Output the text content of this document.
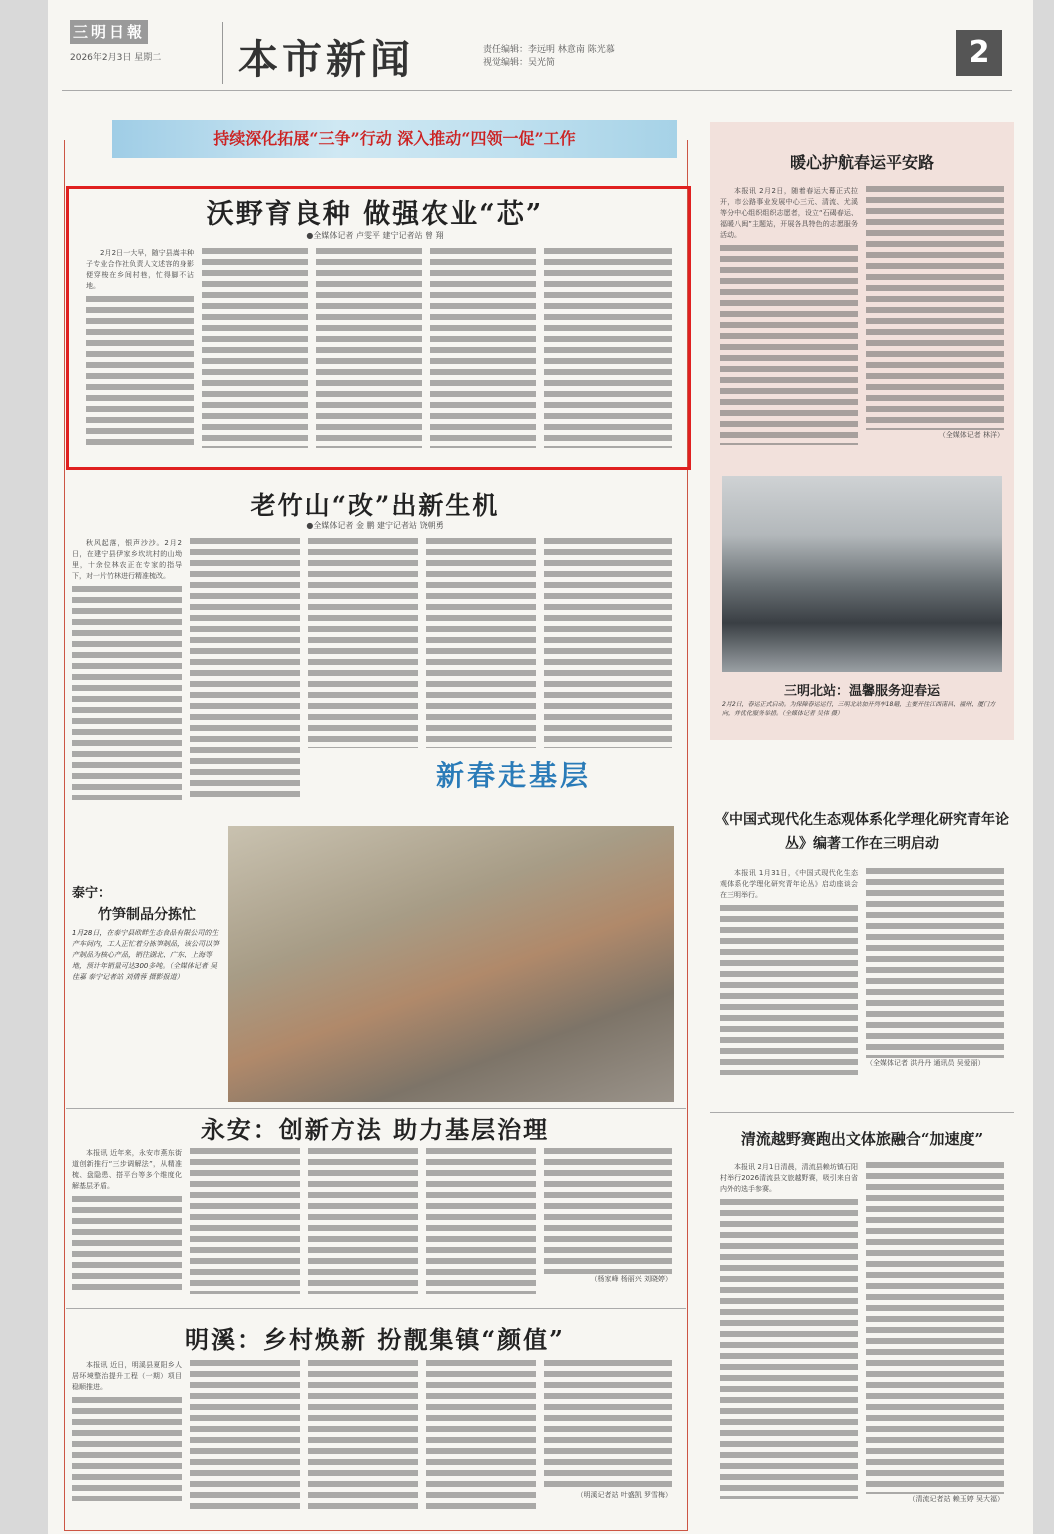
三明日報
2026年2月3日 星期二 本市新闻	责任编辑：李远明 林意南 陈光慕
视觉编辑：吴光简	2
持续深化拓展“三争”行动 深入推动“四领一促”工作
沃野育良种 做强农业“芯”
●全媒体记者 卢雯平 建宁记者站 曾 翔

2月2日一大早，随宁县嵩丰种子专业合作社负责人文述容的身影便穿梭在乡间村巷，忙得脚不沾地。

老竹山“改”出新生机
●全媒体记者 金 鹏 建宁记者站 饶朝勇

秋风起落，银声沙沙。2月2日，在建宁县伊家乡坎坑村的山坳里，十余位林农正在专家的指导下，对一片竹林进行精准梳改。

新春走基层
泰宁：
竹笋制品分拣忙
1月28日，在泰宁县欧畔生态食品有限公司的生产车间内，工人正忙着分拣笋制品，该公司以笋产制品为核心产品，销往湖北、广东、上海等地，预计年销量可达300多吨。（全媒体记者 吴佳嘉 泰宁记者站 刘倩蓉 摄影报道）
永安：创新方法 助力基层治理

本报讯 近年来，永安市燕东街道创新推行“三步调解法”，从精准梳、盘隐患、搭平台等多个维度化解基层矛盾。

（杨家峰 杨丽兴 刘晓婷）
明溪：乡村焕新 扮靓集镇“颜值”

本报讯 近日，明溪县夏阳乡人居环境整治提升工程（一期）项目稳顺推进。

（明溪记者站 叶盛凯 罗雪梅）
暖心护航春运平安路

本报讯 2月2日，随着春运大幕正式拉开，市公路事业发展中心三元、清流、尤溪等分中心组织组织志愿者，设立“石碣春运、福暖八闽”主题站，开展各具特色的志愿服务活动。

（全媒体记者 林洋）
三明北站：温馨服务迎春运
2月2日，春运正式启动。为保障春运运行，三明北站加开列车18趟，主要开往江西南昌、福州、厦门方向，并优化服务举措。（全媒体记者 吴伟 摄）
《中国式现代化生态观体系化学理化研究青年论丛》编著工作在三明启动

本报讯 1月31日，《中国式现代化生态观体系化学理化研究青年论丛》启动座谈会在三明举行。

（全媒体记者 洪丹丹 通讯员 吴爱丽）
清流越野赛跑出文体旅融合“加速度”

本报讯 2月1日清晨，清流县赖坊镇石阳村举行2026清流县文旅越野赛，吸引来自省内外的选手参赛。

（清流记者站 赖玉婷 吴大福）
